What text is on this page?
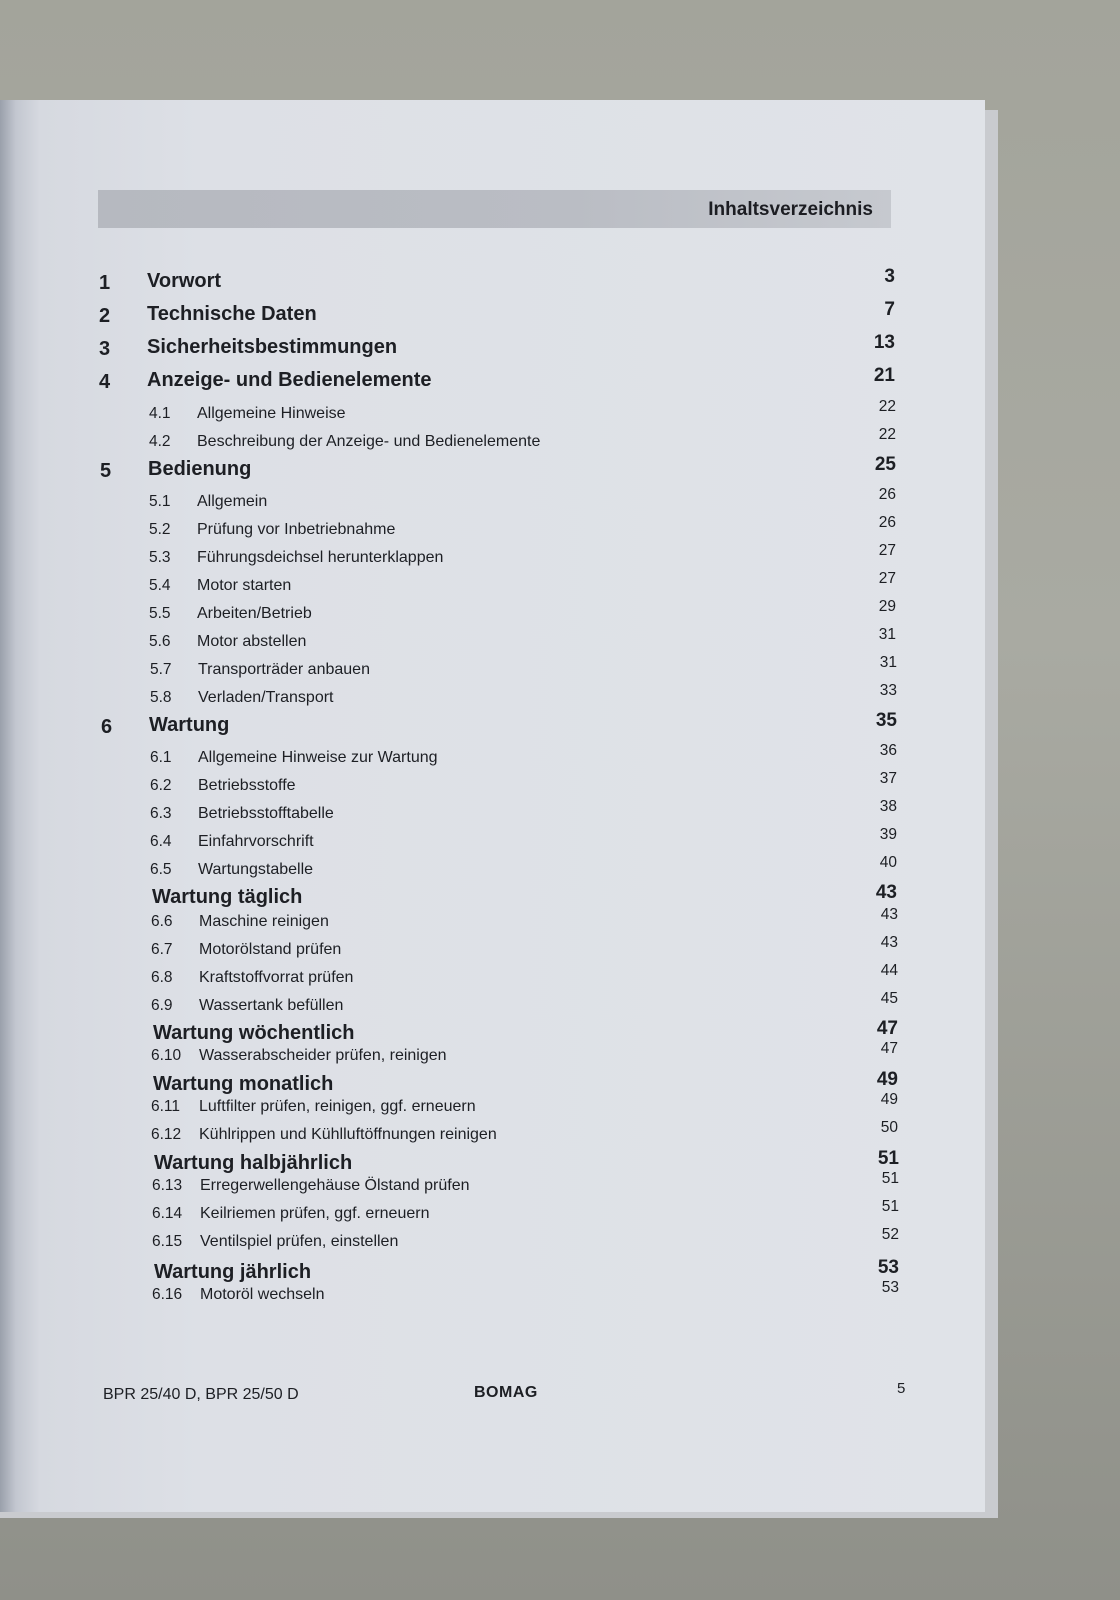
Inhaltsverzeichnis
1 Vorwort	3
2 Technische Daten	7
3 Sicherheitsbestimmungen	13
4 Anzeige- und Bedienelemente	21
4.1 Allgemeine Hinweise	22
4.2 Beschreibung der Anzeige- und Bedienelemente	22
5 Bedienung	25
5.1 Allgemein	26
5.2 Prüfung vor Inbetriebnahme	26
5.3 Führungsdeichsel herunterklappen	27
5.4 Motor starten	27
5.5 Arbeiten/Betrieb	29
5.6 Motor abstellen	31
5.7 Transporträder anbauen	31
5.8 Verladen/Transport	33
6 Wartung	35
6.1 Allgemeine Hinweise zur Wartung	36
6.2 Betriebsstoffe	37
6.3 Betriebsstofftabelle	38
6.4 Einfahrvorschrift	39
6.5 Wartungstabelle	40
Wartung täglich	43
6.6 Maschine reinigen	43
6.7 Motorölstand prüfen	43
6.8 Kraftstoffvorrat prüfen	44
6.9 Wassertank befüllen	45
Wartung wöchentlich	47
6.10 Wasserabscheider prüfen, reinigen	47
Wartung monatlich	49
6.11 Luftfilter prüfen, reinigen, ggf. erneuern	49
6.12 Kühlrippen und Kühlluftöffnungen reinigen	50
Wartung halbjährlich	51
6.13 Erregerwellengehäuse Ölstand prüfen	51
6.14 Keilriemen prüfen, ggf. erneuern	51
6.15 Ventilspiel prüfen, einstellen	52
Wartung jährlich	53
6.16 Motoröl wechseln	53
BPR 25/40 D, BPR 25/50 D	BOMAG	5
